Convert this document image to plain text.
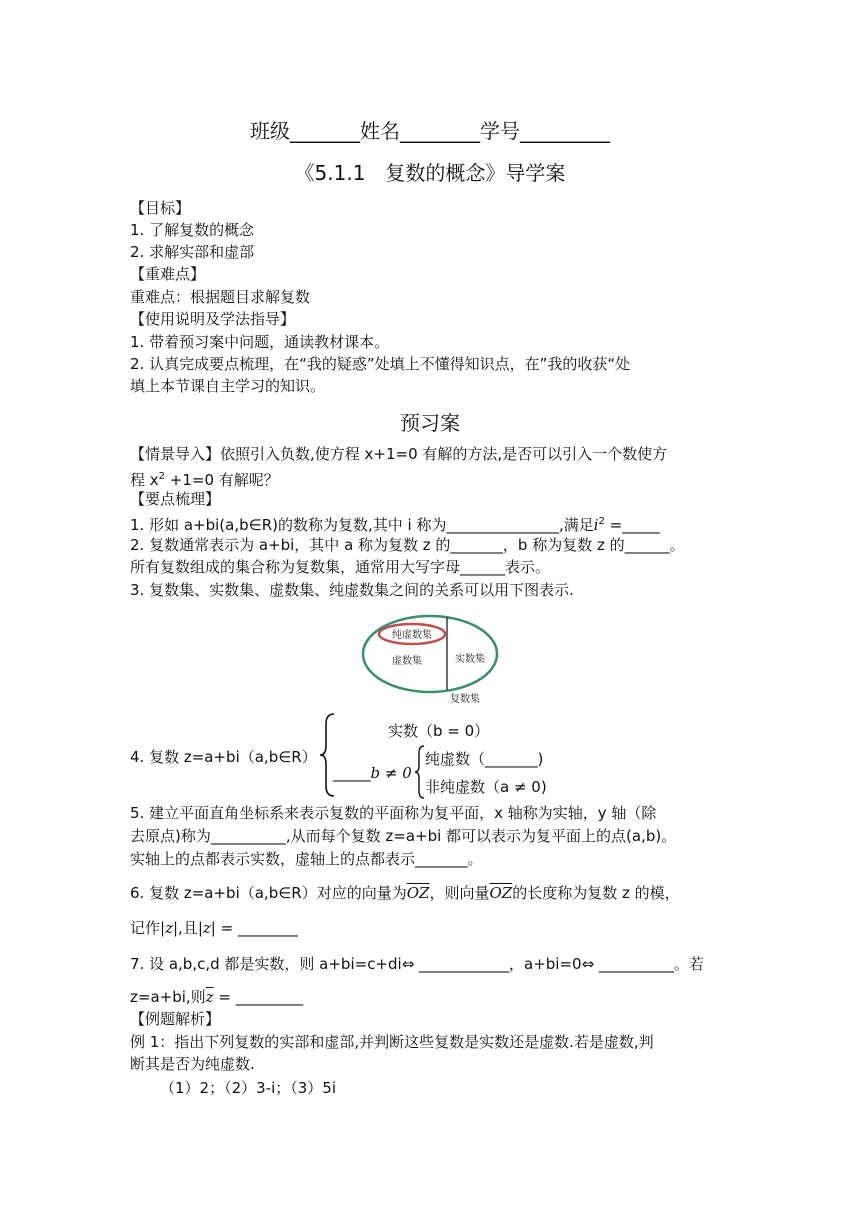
班级_______姓名________学号_________
《5.1.1　复数的概念》导学案
【目标】
1. 了解复数的概念
2. 求解实部和虚部
【重难点】
重难点：根据题目求解复数
【使用说明及学法指导】
1. 带着预习案中问题，通读教材课本。
2. 认真完成要点梳理，在“我的疑惑”处填上不懂得知识点，在”我的收获“处
填上本节课自主学习的知识。
预习案
【情景导入】依照引入负数,使方程 x+1=0 有解的方法,是否可以引入一个数使方
程 $x^2 +1=0$ 有解呢？
【要点梳理】
1. 形如 a+bi(a,b∈R)的数称为复数,其中 i 称为_______________,满足$i^2$ =_____
2. 复数通常表示为 a+bi，其中 a 称为复数 z 的_______，b 称为复数 z 的______。
所有复数组成的集合称为复数集，通常用大写字母______表示。
3. 复数集、实数集、虚数集、纯虚数集之间的关系可以用下图表示.
纯虚数集
虚数集	实数集
复数集
4. 复数 z=a+bi（a,b∈R）
实数（b = 0）
_____b ≠ 0
纯虚数（_______)
非纯虚数（a ≠ 0)
5. 建立平面直角坐标系来表示复数的平面称为复平面，x 轴称为实轴，y 轴（除
去原点)称为__________,从而每个复数 z=a+bi 都可以表示为复平面上的点(a,b)。
实轴上的点都表示实数，虚轴上的点都表示_______。
6. 复数 z=a+bi（a,b∈R）对应的向量为$\overline{OZ}$，则向量$\overline{OZ}$的长度称为复数 z 的模，
记作|z|,且|z| = ________
7. 设 a,b,c,d 都是实数，则 a+bi=c+di⇔ ____________，a+bi=0⇔ __________。若
z=a+bi,则$\overline{z}$ = _________
【例题解析】
例 1：指出下列复数的实部和虚部,并判断这些复数是实数还是虚数.若是虚数,判
断其是否为纯虚数.
（1）2；（2）3-i；（3）5i
